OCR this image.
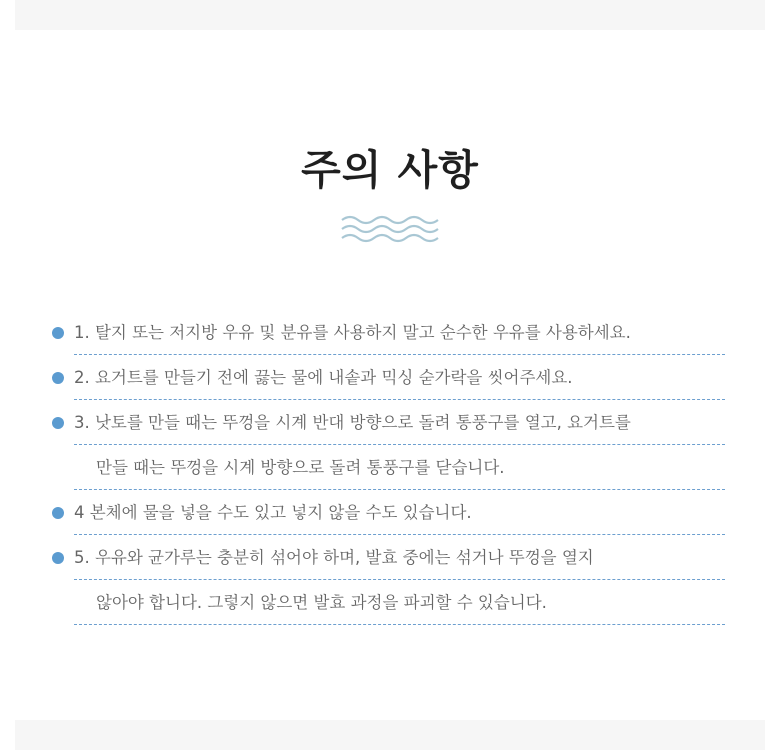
주의 사항
1. 탈지 또는 저지방 우유 및 분유를 사용하지 말고 순수한 우유를 사용하세요.
2. 요거트를 만들기 전에 끓는 물에 내솥과 믹싱 숟가락을 씻어주세요.
3. 낫토를 만들 때는 뚜껑을 시계 반대 방향으로 돌려 통풍구를 열고, 요거트를
만들 때는 뚜껑을 시계 방향으로 돌려 통풍구를 닫습니다.
4 본체에 물을 넣을 수도 있고 넣지 않을 수도 있습니다.
5. 우유와 균가루는 충분히 섞어야 하며, 발효 중에는 섞거나 뚜껑을 열지
않아야 합니다. 그렇지 않으면 발효 과정을 파괴할 수 있습니다.
